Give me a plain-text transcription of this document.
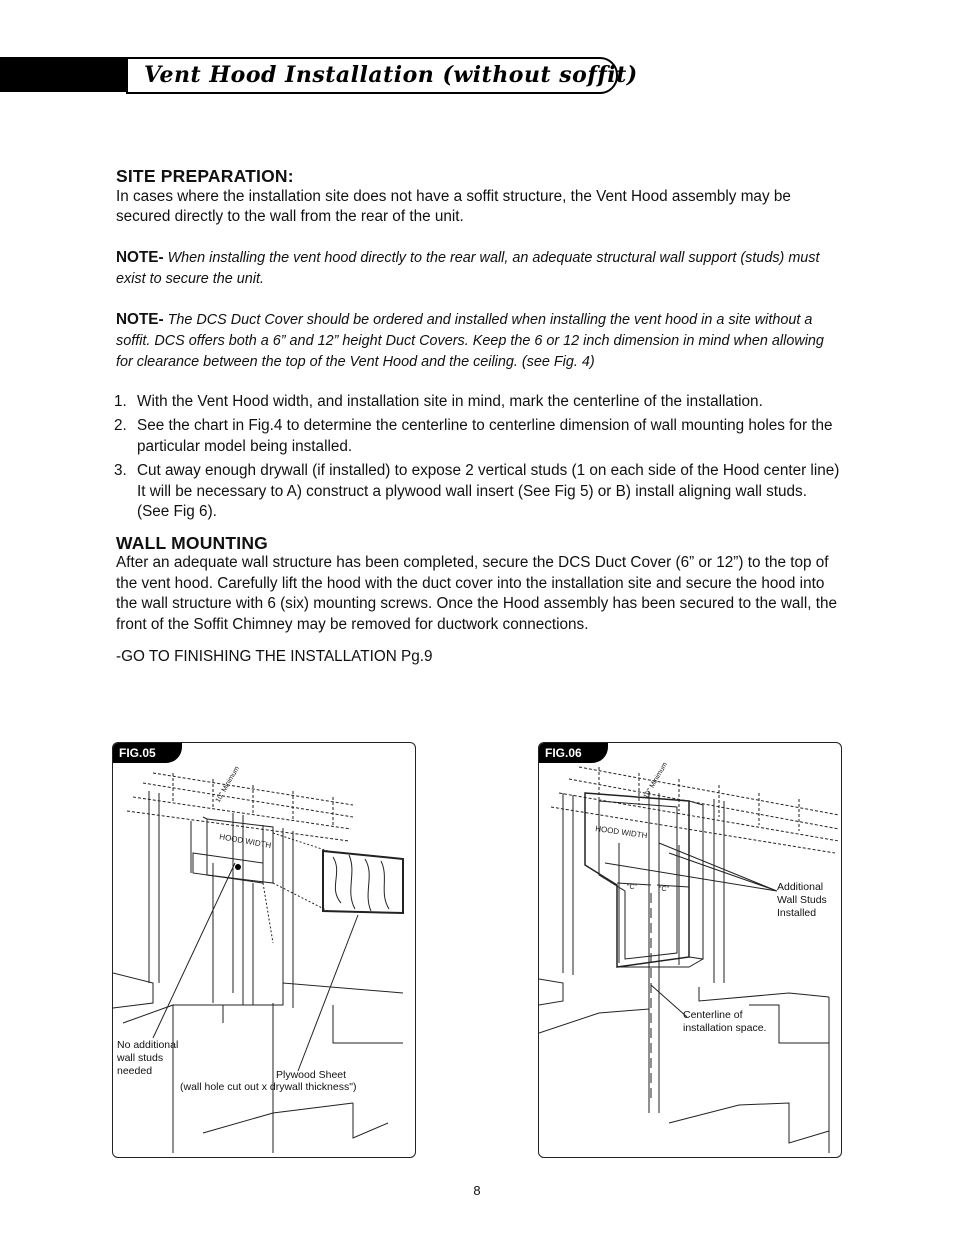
Vent Hood Installation (without soffit)
SITE PREPARATION:

In cases where the installation site does not have a soffit structure, the Vent Hood assembly may be secured directly to the wall from the rear of the unit.

NOTE- When installing the vent hood directly to the rear wall, an adequate structural wall support (studs) must exist to secure the unit.

NOTE- The DCS Duct Cover should be ordered and installed when installing the vent hood in a site without a soffit. DCS offers both a 6” and 12” height Duct Covers. Keep the 6 or 12 inch dimension in mind when allowing for clearance between the top of the Vent Hood and the ceiling. (see Fig. 4)

1. With the Vent Hood width, and installation site in mind, mark the centerline of the installation.
2. See the chart in Fig.4 to determine the centerline to centerline dimension of wall mounting holes for the particular model being installed.
3. Cut away enough drywall (if installed) to expose 2 vertical studs (1 on each side of the Hood center line) It will be necessary to A) construct a plywood wall insert (See Fig 5) or B) install aligning wall studs. (See Fig 6).
WALL MOUNTING

After an adequate wall structure has been completed, secure the DCS Duct Cover (6” or 12”) to the top of the vent hood. Carefully lift the hood with the duct cover into the installation site and secure the hood into the wall structure with 6 (six) mounting screws. Once the Hood assembly has been secured to the wall, the front of the Soffit Chimney may be removed for ductwork connections.

-GO TO FINISHING THE INSTALLATION Pg.9

HOOD WIDTH
10" Minimum
FIG.05
No additional
wall studs
needed	Plywood Sheet
(wall hole cut out x drywall thickness")
HOOD WIDTH
10" Minimum
"C"	"C"
FIG.06
Additional
Wall Studs
Installed
Centerline of
installation space.
8
